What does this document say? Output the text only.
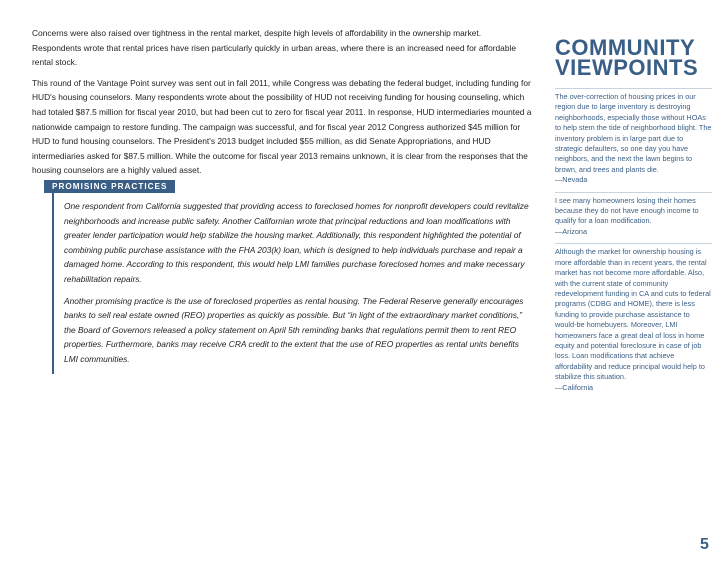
Concerns were also raised over tightness in the rental market, despite high levels of affordability in the ownership market. Respondents wrote that rental prices have risen particularly quickly in urban areas, where there is an increased need for affordable rental stock.

This round of the Vantage Point survey was sent out in fall 2011, while Congress was debating the federal budget, including funding for HUD's housing counselors. Many respondents wrote about the possibility of HUD not receiving funding for housing counseling, which had totaled $87.5 million for fiscal year 2010, but had been cut to zero for fiscal year 2011. In response, HUD intermediaries mounted a nationwide campaign to restore funding. The campaign was successful, and for fiscal year 2012 Congress authorized $45 million for HUD to fund housing counselors. The President's 2013 budget included $55 million, as did Senate Appropriations, and HUD intermediaries asked for $87.5 million. While the outcome for fiscal year 2013 remains unknown, it is clear from the responses that the housing counselors are a highly valued asset.

PROMISING PRACTICES

One respondent from California suggested that providing access to foreclosed homes for nonprofit developers could revitalize neighborhoods and increase public safety. Another Californian wrote that principal reductions and loan modifications with greater lender participation would help stabilize the housing market. Additionally, this respondent highlighted the potential of combining public purchase assistance with the FHA 203(k) loan, which is designed to help individuals purchase and repair a damaged home. According to this respondent, this would help LMI families purchase foreclosed homes and make necessary rehabilitation repairs.

Another promising practice is the use of foreclosed properties as rental housing. The Federal Reserve generally encourages banks to sell real estate owned (REO) properties as quickly as possible. But “in light of the extraordinary market conditions,” the Board of Governors released a policy statement on April 5th reminding banks that regulations permit them to rent REO properties. Furthermore, banks may receive CRA credit to the extent that the use of REO properties as rental units benefits LMI communities.

COMMUNITY
VIEWPOINTS
The over-correction of housing prices in our region due to large inventory is destroying neighborhoods, especially those without HOAs to help stem the tide of neighborhood blight. The inventory problem is in large part due to strategic defaulters, so one day you have neighbors, and the next the lawn begins to brown, and trees and plants die.
—Nevada
I see many homeowners losing their homes because they do not have enough income to qualify for a loan modification.
—Arizona
Although the market for ownership housing is more affordable than in recent years, the rental market has not become more affordable. Also, with the current state of community redevelopment funding in CA and cuts to federal programs (CDBG and HOME), there is less funding to provide purchase assistance to would-be homebuyers. Moreover, LMI homeowners face a great deal of loss in home equity and potential foreclosure in case of job loss. Loan modifications that achieve affordability and reduce principal would help to stabilize this situation.
—California
5
